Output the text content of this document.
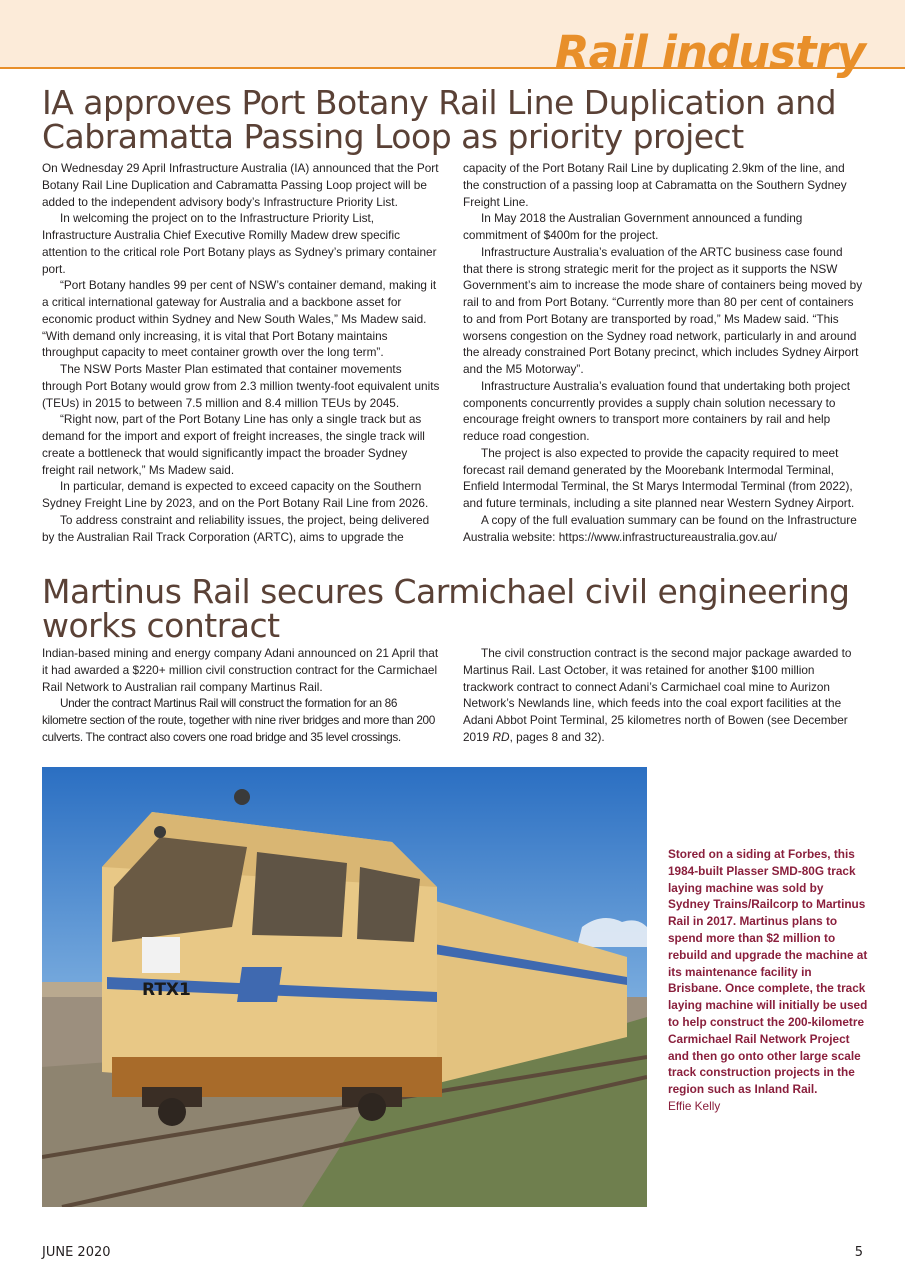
Rail industry
IA approves Port Botany Rail Line Duplication and Cabramatta Passing Loop as priority project

On Wednesday 29 April Infrastructure Australia (IA) announced that the Port Botany Rail Line Duplication and Cabramatta Passing Loop project will be added to the independent advisory body’s Infrastructure Priority List.

In welcoming the project on to the Infrastructure Priority List, Infrastructure Australia Chief Executive Romilly Madew drew specific attention to the critical role Port Botany plays as Sydney’s primary container port.

“Port Botany handles 99 per cent of NSW’s container demand, making it a critical international gateway for Australia and a backbone asset for economic product within Sydney and New South Wales,” Ms Madew said. “With demand only increasing, it is vital that Port Botany maintains throughput capacity to meet container growth over the long term”.

The NSW Ports Master Plan estimated that container movements through Port Botany would grow from 2.3 million twenty-foot equivalent units (TEUs) in 2015 to between 7.5 million and 8.4 million TEUs by 2045.

“Right now, part of the Port Botany Line has only a single track but as demand for the import and export of freight increases, the single track will create a bottleneck that would significantly impact the broader Sydney freight rail network,” Ms Madew said.

In particular, demand is expected to exceed capacity on the Southern Sydney Freight Line by 2023, and on the Port Botany Rail Line from 2026.

To address constraint and reliability issues, the project, being delivered by the Australian Rail Track Corporation (ARTC), aims to upgrade the

capacity of the Port Botany Rail Line by duplicating 2.9km of the line, and the construction of a passing loop at Cabramatta on the Southern Sydney Freight Line.

In May 2018 the Australian Government announced a funding commitment of $400m for the project.

Infrastructure Australia’s evaluation of the ARTC business case found that there is strong strategic merit for the project as it supports the NSW Government’s aim to increase the mode share of containers being moved by rail to and from Port Botany. “Currently more than 80 per cent of containers to and from Port Botany are transported by road,” Ms Madew said. “This worsens congestion on the Sydney road network, particularly in and around the already constrained Port Botany precinct, which includes Sydney Airport and the M5 Motorway”.

Infrastructure Australia’s evaluation found that undertaking both project components concurrently provides a supply chain solution necessary to encourage freight owners to transport more containers by rail and help reduce road congestion.

The project is also expected to provide the capacity required to meet forecast rail demand generated by the Moorebank Intermodal Terminal, Enfield Intermodal Terminal, the St Marys Intermodal Terminal (from 2022), and future terminals, including a site planned near Western Sydney Airport.

A copy of the full evaluation summary can be found on the Infrastructure Australia website: https://www.infrastructureaustralia.gov.au/

Martinus Rail secures Carmichael civil engineering works contract

Indian-based mining and energy company Adani announced on 21 April that it had awarded a $220+ million civil construction contract for the Carmichael Rail Network to Australian rail company Martinus Rail.

Under the contract Martinus Rail will construct the formation for an 86 kilometre section of the route, together with nine river bridges and more than 200 culverts. The contract also covers one road bridge and 35 level crossings.

The civil construction contract is the second major package awarded to Martinus Rail. Last October, it was retained for another $100 million trackwork contract to connect Adani’s Carmichael coal mine to Aurizon Network’s Newlands line, which feeds into the coal export facilities at the Adani Abbot Point Terminal, 25 kilometres north of Bowen (see December 2019 RD, pages 8 and 32).

RTX1
Stored on a siding at Forbes, this 1984-built Plasser SMD-80G track laying machine was sold by Sydney Trains/Railcorp to Martinus Rail in 2017. Martinus plans to spend more than $2 million to rebuild and upgrade the machine at its maintenance facility in Brisbane. Once complete, the track laying machine will initially be used to help construct the 200-kilometre Carmichael Rail Network Project and then go onto other large scale track construction projects in the region such as Inland Rail.
Effie Kelly
JUNE 2020	5
